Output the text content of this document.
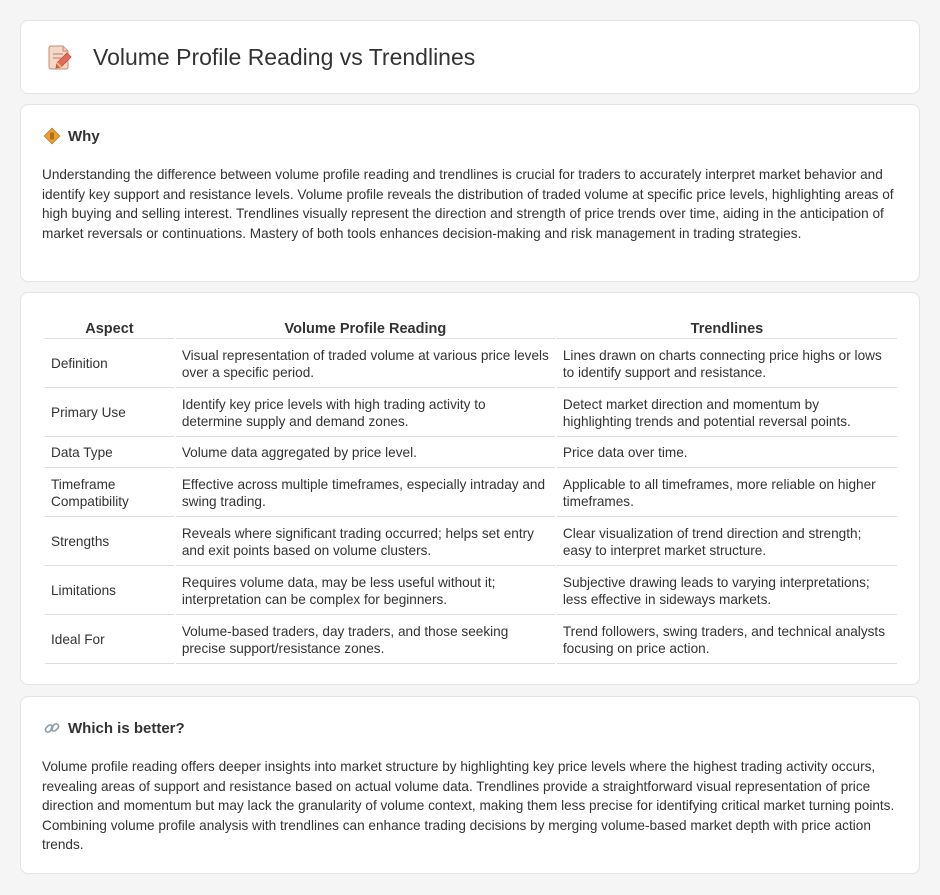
Volume Profile Reading vs Trendlines
Why

Understanding the difference between volume profile reading and trendlines is crucial for traders to accurately interpret market behavior and identify key support and resistance levels. Volume profile reveals the distribution of traded volume at specific price levels, highlighting areas of high buying and selling interest. Trendlines visually represent the direction and strength of price trends over time, aiding in the anticipation of market reversals or continuations. Mastery of both tools enhances decision-making and risk management in trading strategies.

Aspect	Volume Profile Reading	Trendlines
Definition	Visual representation of traded volume at various price levels over a specific period.	Lines drawn on charts connecting price highs or lows to identify support and resistance.
Primary Use	Identify key price levels with high trading activity to determine supply and demand zones.	Detect market direction and momentum by highlighting trends and potential reversal points.
Data Type	Volume data aggregated by price level.	Price data over time.
Timeframe Compatibility	Effective across multiple timeframes, especially intraday and swing trading.	Applicable to all timeframes, more reliable on higher timeframes.
Strengths	Reveals where significant trading occurred; helps set entry and exit points based on volume clusters.	Clear visualization of trend direction and strength; easy to interpret market structure.
Limitations	Requires volume data, may be less useful without it; interpretation can be complex for beginners.	Subjective drawing leads to varying interpretations; less effective in sideways markets.
Ideal For	Volume-based traders, day traders, and those seeking precise support/resistance zones.	Trend followers, swing traders, and technical analysts focusing on price action.
Which is better?

Volume profile reading offers deeper insights into market structure by highlighting key price levels where the highest trading activity occurs, revealing areas of support and resistance based on actual volume data. Trendlines provide a straightforward visual representation of price direction and momentum but may lack the granularity of volume context, making them less precise for identifying critical market turning points. Combining volume profile analysis with trendlines can enhance trading decisions by merging volume-based market depth with price action trends.
